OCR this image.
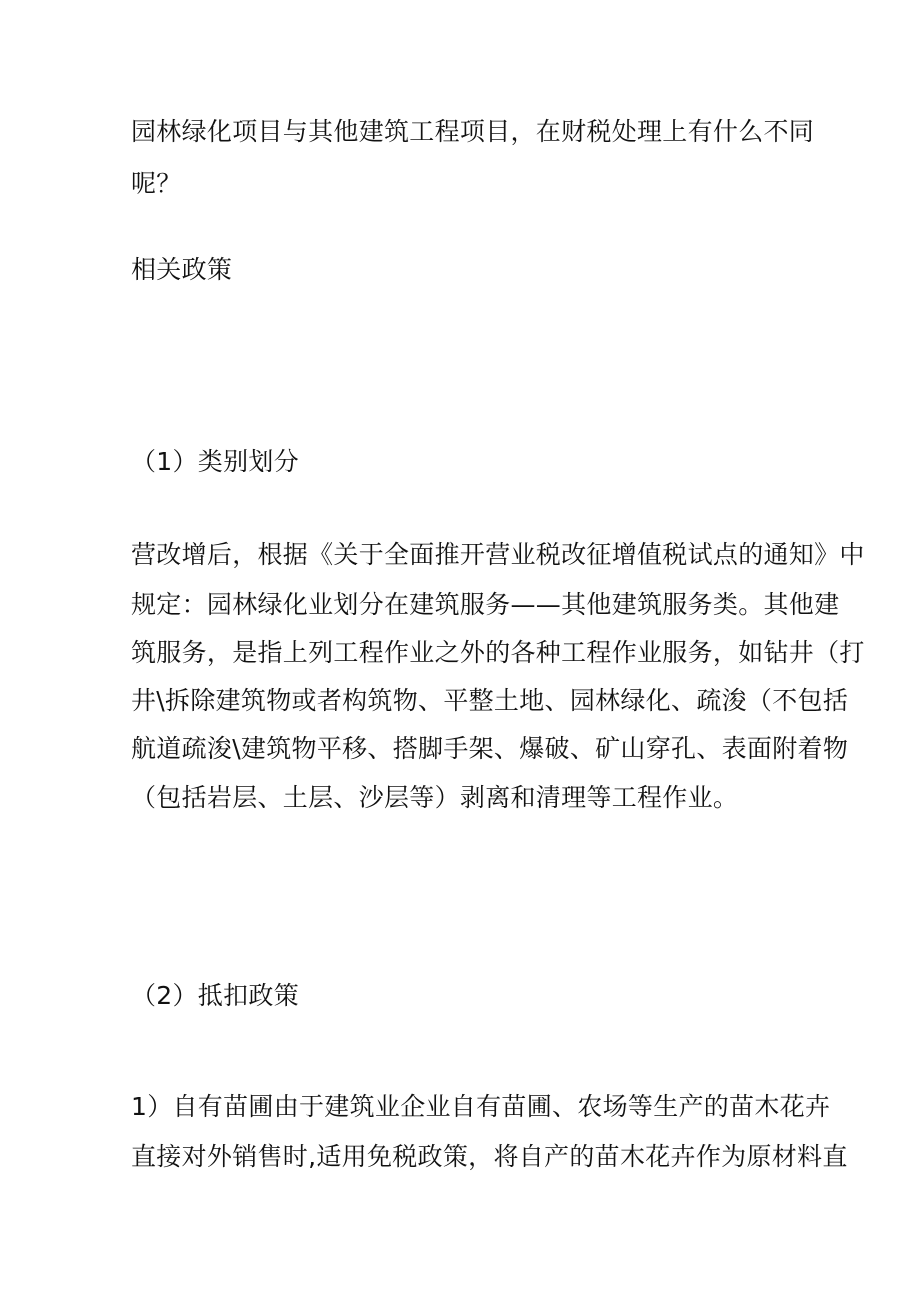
园林绿化项目与其他建筑工程项目，在财税处理上有什么不同
呢？
相关政策
（1）类别划分
营改增后，根据《关于全面推开营业税改征增值税试点的通知》中
规定：园林绿化业划分在建筑服务——其他建筑服务类。其他建
筑服务，是指上列工程作业之外的各种工程作业服务，如钻井（打
井\拆除建筑物或者构筑物、平整土地、园林绿化、疏浚（不包括
航道疏浚\建筑物平移、搭脚手架、爆破、矿山穿孔、表面附着物
（包括岩层、土层、沙层等）剥离和清理等工程作业。
（2）抵扣政策
1）自有苗圃由于建筑业企业自有苗圃、农场等生产的苗木花卉
直接对外销售时,适用免税政策，将自产的苗木花卉作为原材料直
